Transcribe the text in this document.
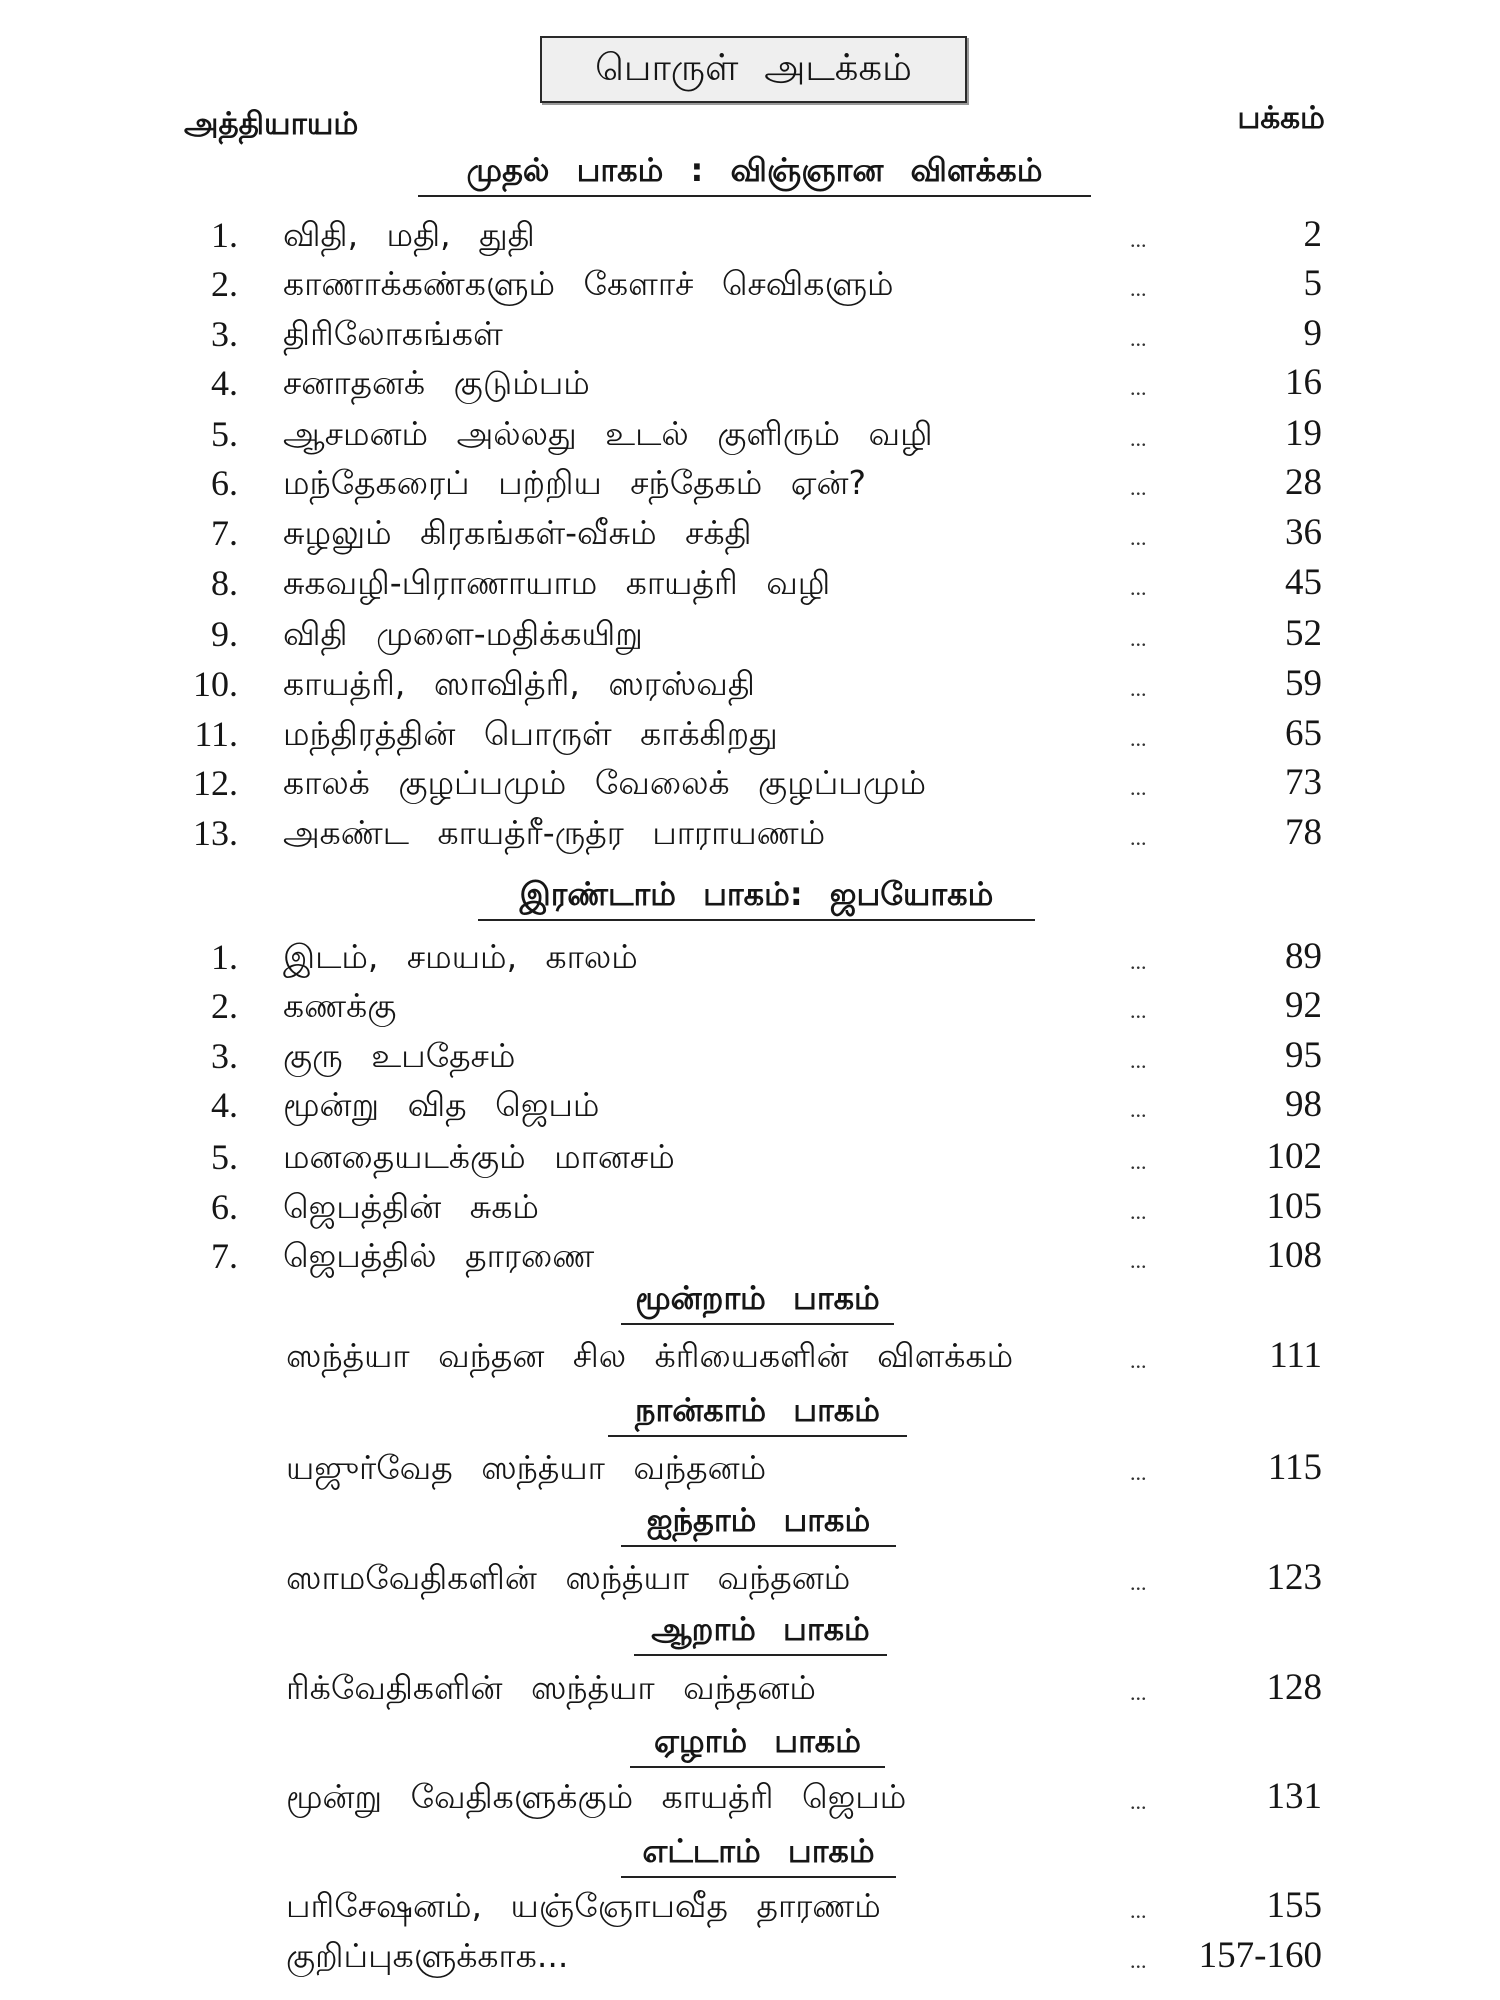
பொருள் அடக்கம்
அத்தியாயம்	பக்கம்
முதல் பாகம் : விஞ்ஞான விளக்கம்
1. விதி, மதி, துதி	...	2
2. காணாக்கண்களும் கேளாச் செவிகளும்	...	5
3. திரிலோகங்கள்	...	9
4. சனாதனக் குடும்பம்	...	16
5. ஆசமனம் அல்லது உடல் குளிரும் வழி	...	19
6. மந்தேகரைப் பற்றிய சந்தேகம் ஏன்?	...	28
7. சுழலும் கிரகங்கள்-வீசும் சக்தி	...	36
8. சுகவழி-பிராணாயாம காயத்ரி வழி	...	45
9. விதி முளை-மதிக்கயிறு	...	52
10. காயத்ரி, ஸாவித்ரி, ஸரஸ்வதி	...	59
11. மந்திரத்தின் பொருள் காக்கிறது	...	65
12. காலக் குழப்பமும் வேலைக் குழப்பமும்	...	73
13. அகண்ட காயத்ரீ-ருத்ர பாராயணம்	...	78
இரண்டாம் பாகம்: ஜபயோகம்
1. இடம், சமயம், காலம்	...	89
2. கணக்கு	...	92
3. குரு உபதேசம்	...	95
4. மூன்று வித ஜெபம்	...	98
5. மனதையடக்கும் மானசம்	...	102
6. ஜெபத்தின் சுகம்	...	105
7. ஜெபத்தில் தாரணை	...	108
மூன்றாம் பாகம்
ஸந்த்யா வந்தன சில க்ரியைகளின் விளக்கம்	...	111
நான்காம் பாகம்
யஜுர்வேத ஸந்த்யா வந்தனம்	...	115
ஐந்தாம் பாகம்
ஸாமவேதிகளின் ஸந்த்யா வந்தனம்	...	123
ஆறாம் பாகம்
ரிக்வேதிகளின் ஸந்த்யா வந்தனம்	...	128
ஏழாம் பாகம்
மூன்று வேதிகளுக்கும் காயத்ரி ஜெபம்	...	131
எட்டாம் பாகம்
பரிசேஷனம், யஞ்ஞோபவீத தாரணம்	...	155
குறிப்புகளுக்காக...	...	157-160
